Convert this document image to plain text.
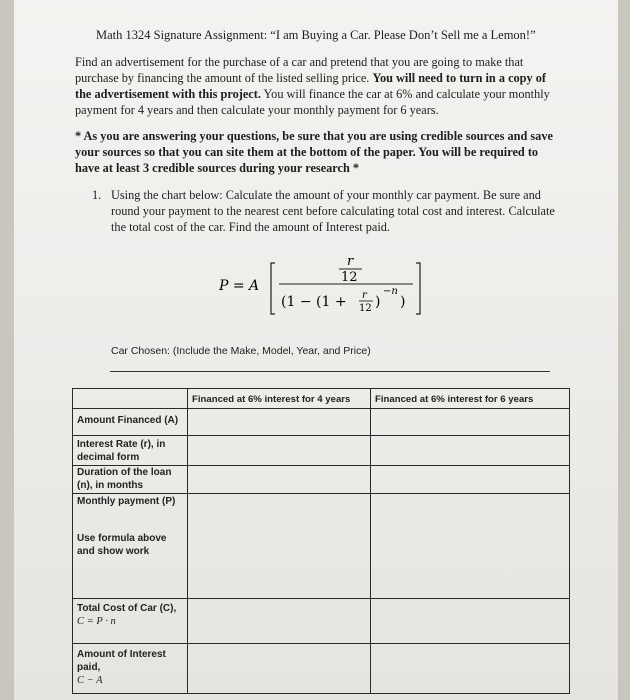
Math 1324 Signature Assignment: “I am Buying a Car. Please Don’t Sell me a Lemon!”
Find an advertisement for the purchase of a car and pretend that you are going to make that purchase by financing the amount of the listed selling price. You will need to turn in a copy of the advertisement with this project. You will finance the car at 6% and calculate your monthly payment for 4 years and then calculate your monthly payment for 6 years.
* As you are answering your questions, be sure that you are using credible sources and save your sources so that you can site them at the bottom of the paper. You will be required to have at least 3 credible sources during your research *
1. Using the chart below: Calculate the amount of your monthly car payment. Be sure and round your payment to the nearest cent before calculating total cost and interest. Calculate the total cost of the car. Find the amount of Interest paid.
P = A
r
12
(1 − (1 + r
12 )
−n
)
Car Chosen: (Include the Make, Model, Year, and Price)
	Financed at 6% interest for 4 years	Financed at 6% interest for 6 years
Amount Financed (A)		
Interest Rate (r), in decimal form		
Duration of the loan (n), in months		

Monthly payment (P)
Use formula above and show work		

Total Cost of Car (C),
C = P · n		

Amount of Interest paid,
C − A		
